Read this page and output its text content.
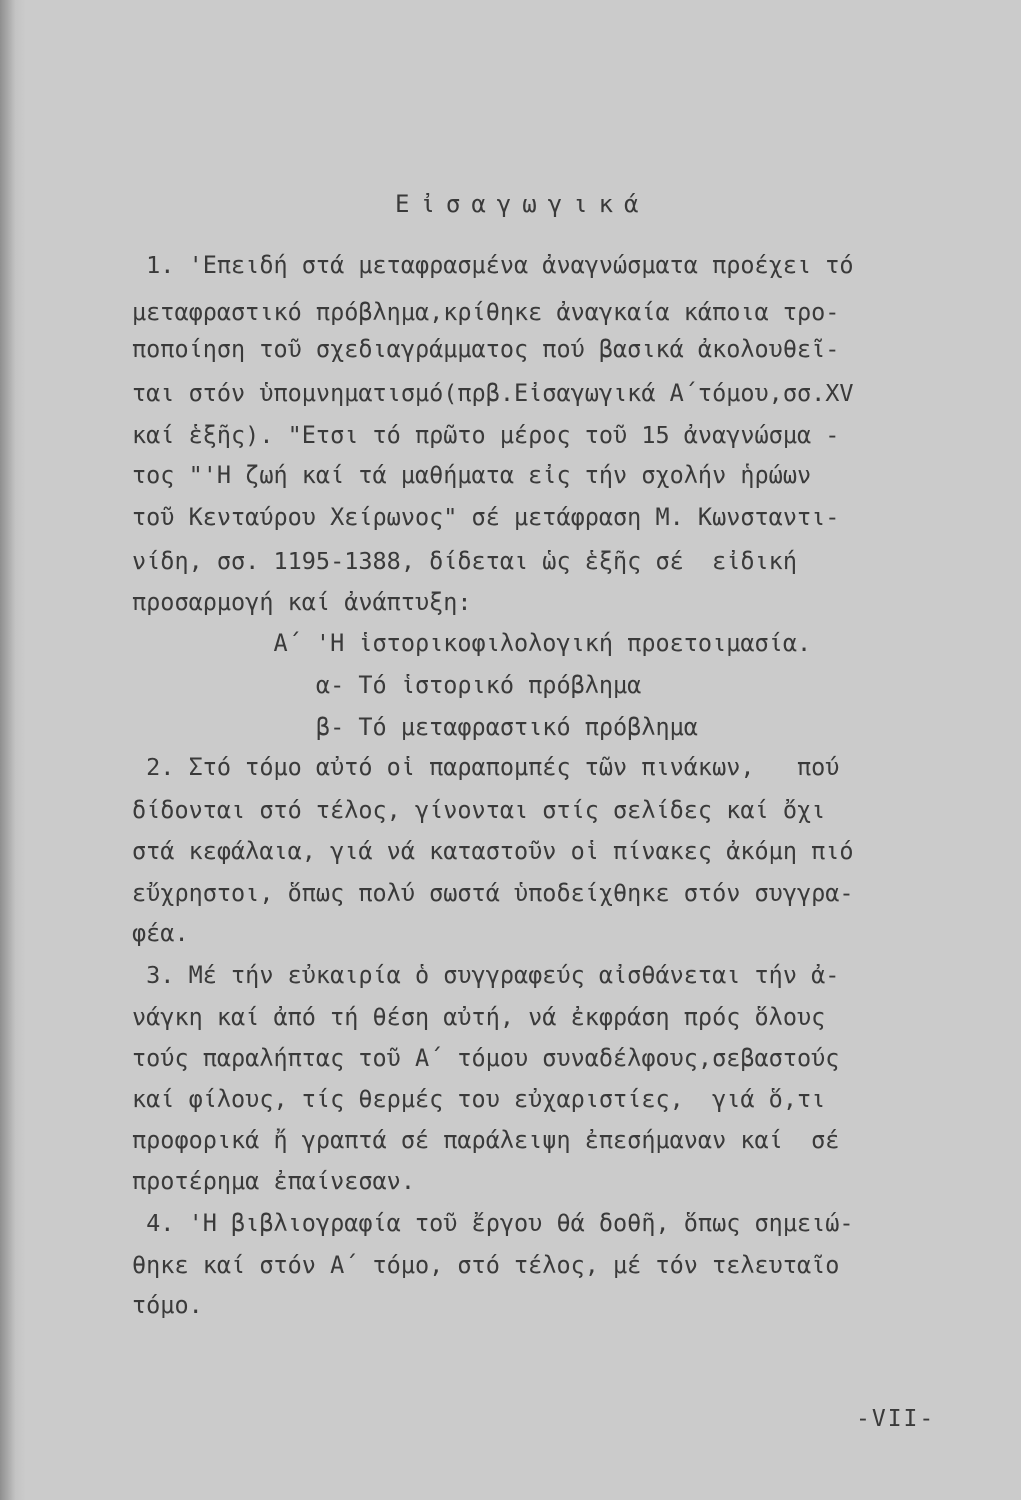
Εἰσαγωγικά
1. 'Επειδή στά μεταφρασμένα ἀναγνώσματα προέχει τό
μεταφραστικό πρόβλημα,κρίθηκε ἀναγκαία κάποια τρο-
ποποίηση τοῦ σχεδιαγράμματος πού βασικά ἀκολουθεῖ-
ται στόν ὑπομνηματισμό(πρβ.Εἰσαγωγικά Α΄τόμου,σσ.XV
καί ἑξῆς). "Ετσι τό πρῶτο μέρος τοῦ 15 ἀναγνώσμα -
τος "'Η ζωή καί τά μαθήματα εἰς τήν σχολήν ἡρώων
τοῦ Κενταύρου Χείρωνος" σέ μετάφραση Μ. Κωνσταντι-
νίδη, σσ. 1195-1388, δίδεται ὡς ἑξῆς σέ  εἰδική
προσαρμογή καί ἀνάπτυξη:
Α΄ 'Η ἱστορικοφιλολογική προετοιμασία.
α- Τό ἱστορικό πρόβλημα
β- Τό μεταφραστικό πρόβλημα
2. Στό τόμο αὐτό οἱ παραπομπές τῶν πινάκων,   πού
δίδονται στό τέλος, γίνονται στίς σελίδες καί ὄχι
στά κεφάλαια, γιά νά καταστοῦν οἱ πίνακες ἀκόμη πιό
εὔχρηστοι, ὅπως πολύ σωστά ὑποδείχθηκε στόν συγγρα-
φέα.
3. Μέ τήν εὐκαιρία ὁ συγγραφεύς αἰσθάνεται τήν ἀ-
νάγκη καί ἀπό τή θέση αὐτή, νά ἐκφράση πρός ὅλους
τούς παραλήπτας τοῦ Α΄ τόμου συναδέλφους,σεβαστούς
καί φίλους, τίς θερμές του εὐχαριστίες,  γιά ὅ,τι
προφορικά ἤ γραπτά σέ παράλειψη ἐπεσήμαναν καί  σέ
προτέρημα ἐπαίνεσαν.
4. 'Η βιβλιογραφία τοῦ ἔργου θά δοθῆ, ὅπως σημειώ-
θηκε καί στόν Α΄ τόμο, στό τέλος, μέ τόν τελευταῖο
τόμο.
-VII-
